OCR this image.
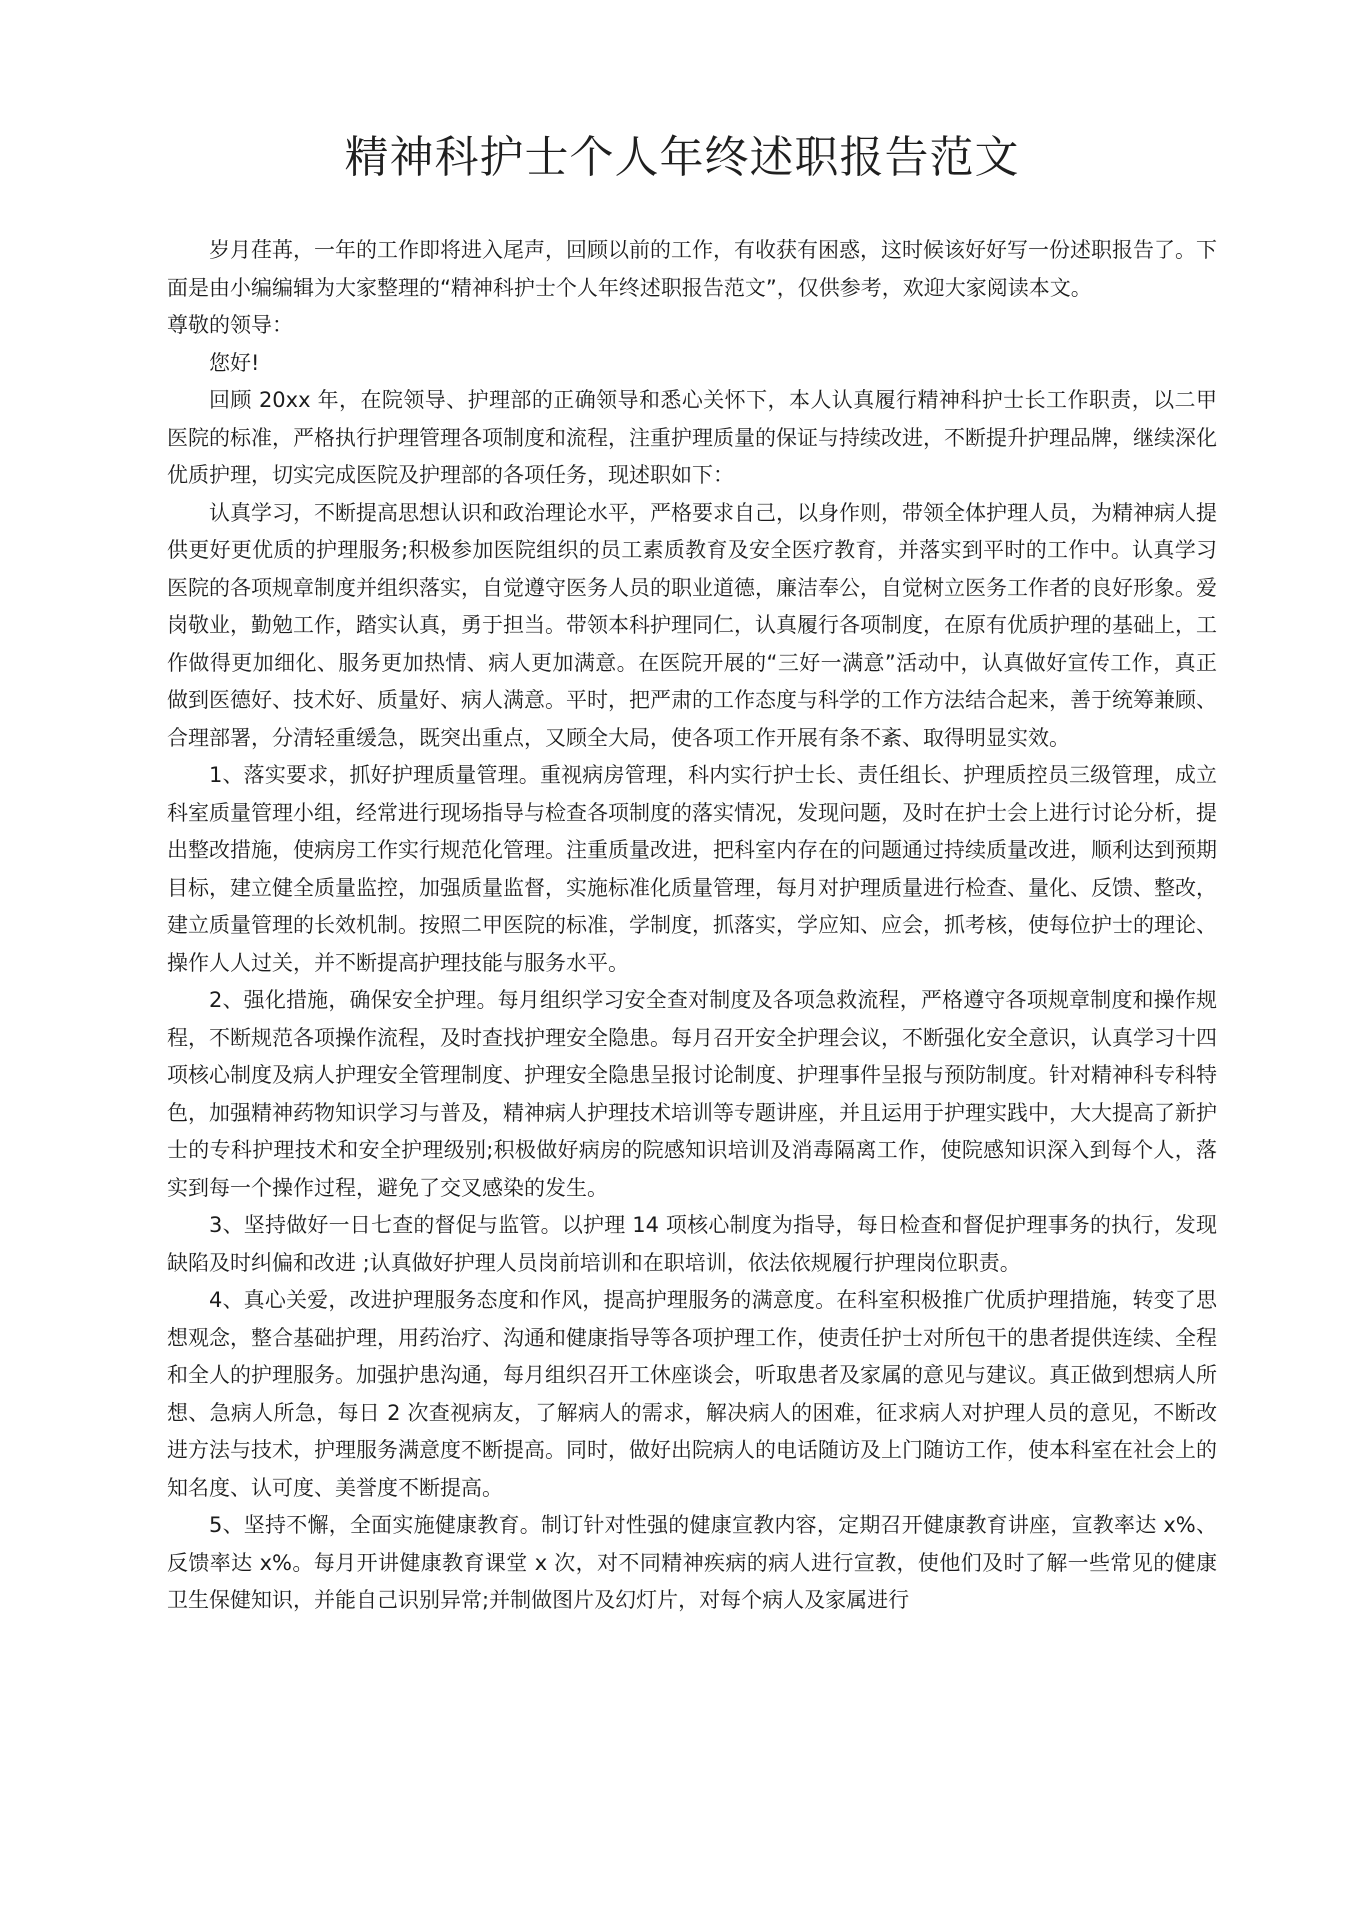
精神科护士个人年终述职报告范文

岁月荏苒，一年的工作即将进入尾声，回顾以前的工作，有收获有困惑，这时候该好好写一份述职报告了。下面是由小编编辑为大家整理的“精神科护士个人年终述职报告范文”，仅供参考，欢迎大家阅读本文。

尊敬的领导：

您好!

回顾 20xx 年，在院领导、护理部的正确领导和悉心关怀下，本人认真履行精神科护士长工作职责，以二甲医院的标准，严格执行护理管理各项制度和流程，注重护理质量的保证与持续改进，不断提升护理品牌，继续深化优质护理，切实完成医院及护理部的各项任务，现述职如下：

认真学习，不断提高思想认识和政治理论水平，严格要求自己，以身作则，带领全体护理人员，为精神病人提供更好更优质的护理服务;积极参加医院组织的员工素质教育及安全医疗教育，并落实到平时的工作中。认真学习医院的各项规章制度并组织落实，自觉遵守医务人员的职业道德，廉洁奉公，自觉树立医务工作者的良好形象。爱岗敬业，勤勉工作，踏实认真，勇于担当。带领本科护理同仁，认真履行各项制度，在原有优质护理的基础上，工作做得更加细化、服务更加热情、病人更加满意。在医院开展的“三好一满意”活动中，认真做好宣传工作，真正做到医德好、技术好、质量好、病人满意。平时，把严肃的工作态度与科学的工作方法结合起来，善于统筹兼顾、合理部署，分清轻重缓急，既突出重点，又顾全大局，使各项工作开展有条不紊、取得明显实效。

1、落实要求，抓好护理质量管理。重视病房管理，科内实行护士长、责任组长、护理质控员三级管理，成立科室质量管理小组，经常进行现场指导与检查各项制度的落实情况，发现问题，及时在护士会上进行讨论分析，提出整改措施，使病房工作实行规范化管理。注重质量改进，把科室内存在的问题通过持续质量改进，顺利达到预期目标，建立健全质量监控，加强质量监督，实施标准化质量管理，每月对护理质量进行检查、量化、反馈、整改，建立质量管理的长效机制。按照二甲医院的标准，学制度，抓落实，学应知、应会，抓考核，使每位护士的理论、操作人人过关，并不断提高护理技能与服务水平。

2、强化措施，确保安全护理。每月组织学习安全查对制度及各项急救流程，严格遵守各项规章制度和操作规程，不断规范各项操作流程，及时查找护理安全隐患。每月召开安全护理会议，不断强化安全意识，认真学习十四项核心制度及病人护理安全管理制度、护理安全隐患呈报讨论制度、护理事件呈报与预防制度。针对精神科专科特色，加强精神药物知识学习与普及，精神病人护理技术培训等专题讲座，并且运用于护理实践中，大大提高了新护士的专科护理技术和安全护理级别;积极做好病房的院感知识培训及消毒隔离工作，使院感知识深入到每个人，落实到每一个操作过程，避免了交叉感染的发生。

3、坚持做好一日七查的督促与监管。以护理 14 项核心制度为指导，每日检查和督促护理事务的执行，发现缺陷及时纠偏和改进 ;认真做好护理人员岗前培训和在职培训，依法依规履行护理岗位职责。

4、真心关爱，改进护理服务态度和作风，提高护理服务的满意度。在科室积极推广优质护理措施，转变了思想观念，整合基础护理，用药治疗、沟通和健康指导等各项护理工作，使责任护士对所包干的患者提供连续、全程和全人的护理服务。加强护患沟通，每月组织召开工休座谈会，听取患者及家属的意见与建议。真正做到想病人所想、急病人所急，每日 2 次查视病友，了解病人的需求，解决病人的困难，征求病人对护理人员的意见，不断改进方法与技术，护理服务满意度不断提高。同时，做好出院病人的电话随访及上门随访工作，使本科室在社会上的知名度、认可度、美誉度不断提高。

5、坚持不懈，全面实施健康教育。制订针对性强的健康宣教内容，定期召开健康教育讲座，宣教率达 x%、反馈率达 x%。每月开讲健康教育课堂 x 次，对不同精神疾病的病人进行宣教，使他们及时了解一些常见的健康卫生保健知识，并能自己识别异常;并制做图片及幻灯片，对每个病人及家属进行
